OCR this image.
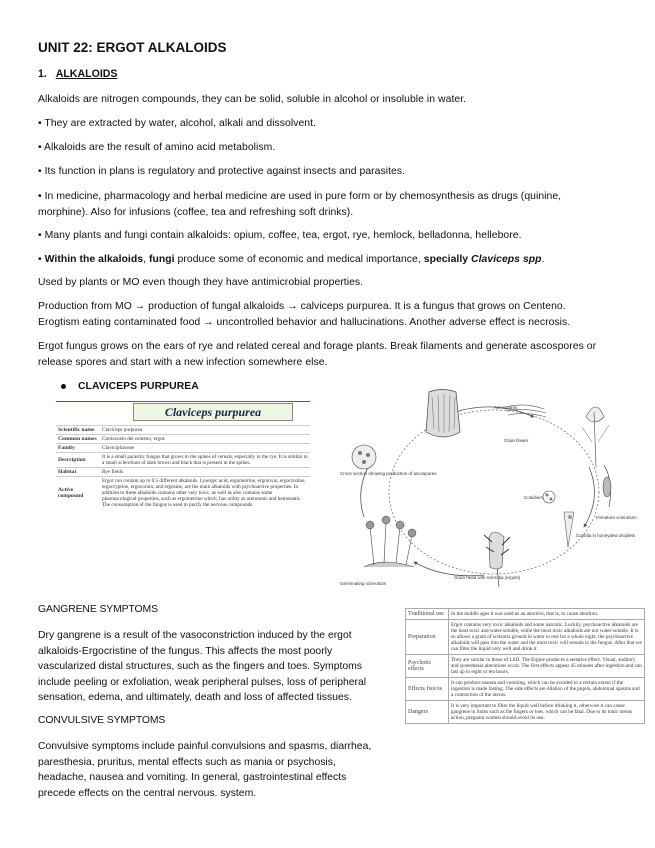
UNIT 22: ERGOT ALKALOIDS
1. ALKALOIDS
Alkaloids are nitrogen compounds, they can be solid, soluble in alcohol or insoluble in water.
• They are extracted by water, alcohol, alkali and dissolvent.
• Alkaloids are the result of amino acid metabolism.
• Its function in plans is regulatory and protective against insects and parasites.
• In medicine, pharmacology and herbal medicine are used in pure form or by chemosynthesis as drugs (quinine,
morphine). Also for infusions (coffee, tea and refreshing soft drinks).
• Many plants and fungi contain alkaloids: opium, coffee, tea, ergot, rye, hemlock, belladonna, hellebore.
• Within the alkaloids, fungi produce some of economic and medical importance, specially Claviceps spp.
Used by plants or MO even though they have antimicrobial properties.
Production from MO → production of fungal alkaloids → calviceps purpurea. It is a fungus that grows on Centeno.
Erogtism eating contaminated food → uncontrolled behavior and hallucinations. Another adverse effect is necrosis.
Ergot fungus grows on the ears of rye and related cereal and forage plants. Break filaments and generate ascospores or
release spores and start with a new infection somewhere else.
CLAVICEPS PURPUREA
Claviceps purpurea
Scientific name	Claviceps purpurea
Common names	Cornezuelo del centeno, ergot.
Family	Clavicipitaceae
Description	It is a small parasitic fungus that grows in the spikes of cereals, especially in the rye. It is similar to a small sclerotium of dark brown and black that is present in the spikes.
Habitat	Rye fields
Active compound	Ergot can contain up to 0.5 different alkaloids. Lysergic acid, ergometrine, ergotoxin, ergocristine, ergocryptine, ergocornin, and ergosine, are the main alkaloids with psychoactive properties. In addition to these alkaloids contains other very toxic, as well as also contains some pharmacological properties, such as ergometrine which, has utility as uterotonic and hemostatic. The consumption of the fungus is used to purify the nervous compounds.
Ascospores
Grain flower
Cross section showing production of ascospores
Conidium
Immature sclerotium
Conidia in honeydew droplets
Grain head with sclerotia (ergots)
Germinating sclerotium
GANGRENE SYMPTOMS
Dry gangrene is a result of the vasoconstriction induced by the ergot
alkaloids-Ergocristine of the fungus. This affects the most poorly
vascularized distal structures, such as the fingers and toes. Symptoms
include peeling or exfoliation, weak peripheral pulses, loss of peripheral
sensation, edema, and ultimately, death and loss of affected tissues.
CONVULSIVE SYMPTOMS
Convulsive symptoms include painful convulsions and spasms, diarrhea,
paresthesia, pruritus, mental effects such as mania or psychosis,
headache, nausea and vomiting. In general, gastrointestinal effects
precede effects on the central nervous. system.
Traditional use	In the middle ages it was used as an abortive, that is, to cause abortion.
Preparation	Ergot contains very toxic alkaloids and some narcotic. Luckily, psychoactive alkaloids are the least toxic and water-soluble, while the most toxic alkaloids are not water-soluble. It is so allows a gram of sclerotia ground in water to rest for a whole night, the psychoactive alkaloids will pass into the water and the most toxic will remain in the fungus. After that we can filter the liquid very well and drink it.
Psychotic effects	They are similar to those of LSD. The Ergine produces a sedative effect. Visual, auditory and synesthesia alterations occur. The first effects appear 45 minutes after ingestion and can last up to eight or ten hours.
Effects fisicos	It can produce nausea and vomiting, which can be avoided to a certain extent if the ingestion is made fasting. The side effects are dilation of the pupils, abdominal spasms and a contraction of the uterus.
Dangers	It is very important to filter the liquid well before drinking it, otherwise it can cause gangrene in limbs such as the fingers or toes, which can be fatal. Due to its tonic uterus action, pregnant women should avoid its use.
